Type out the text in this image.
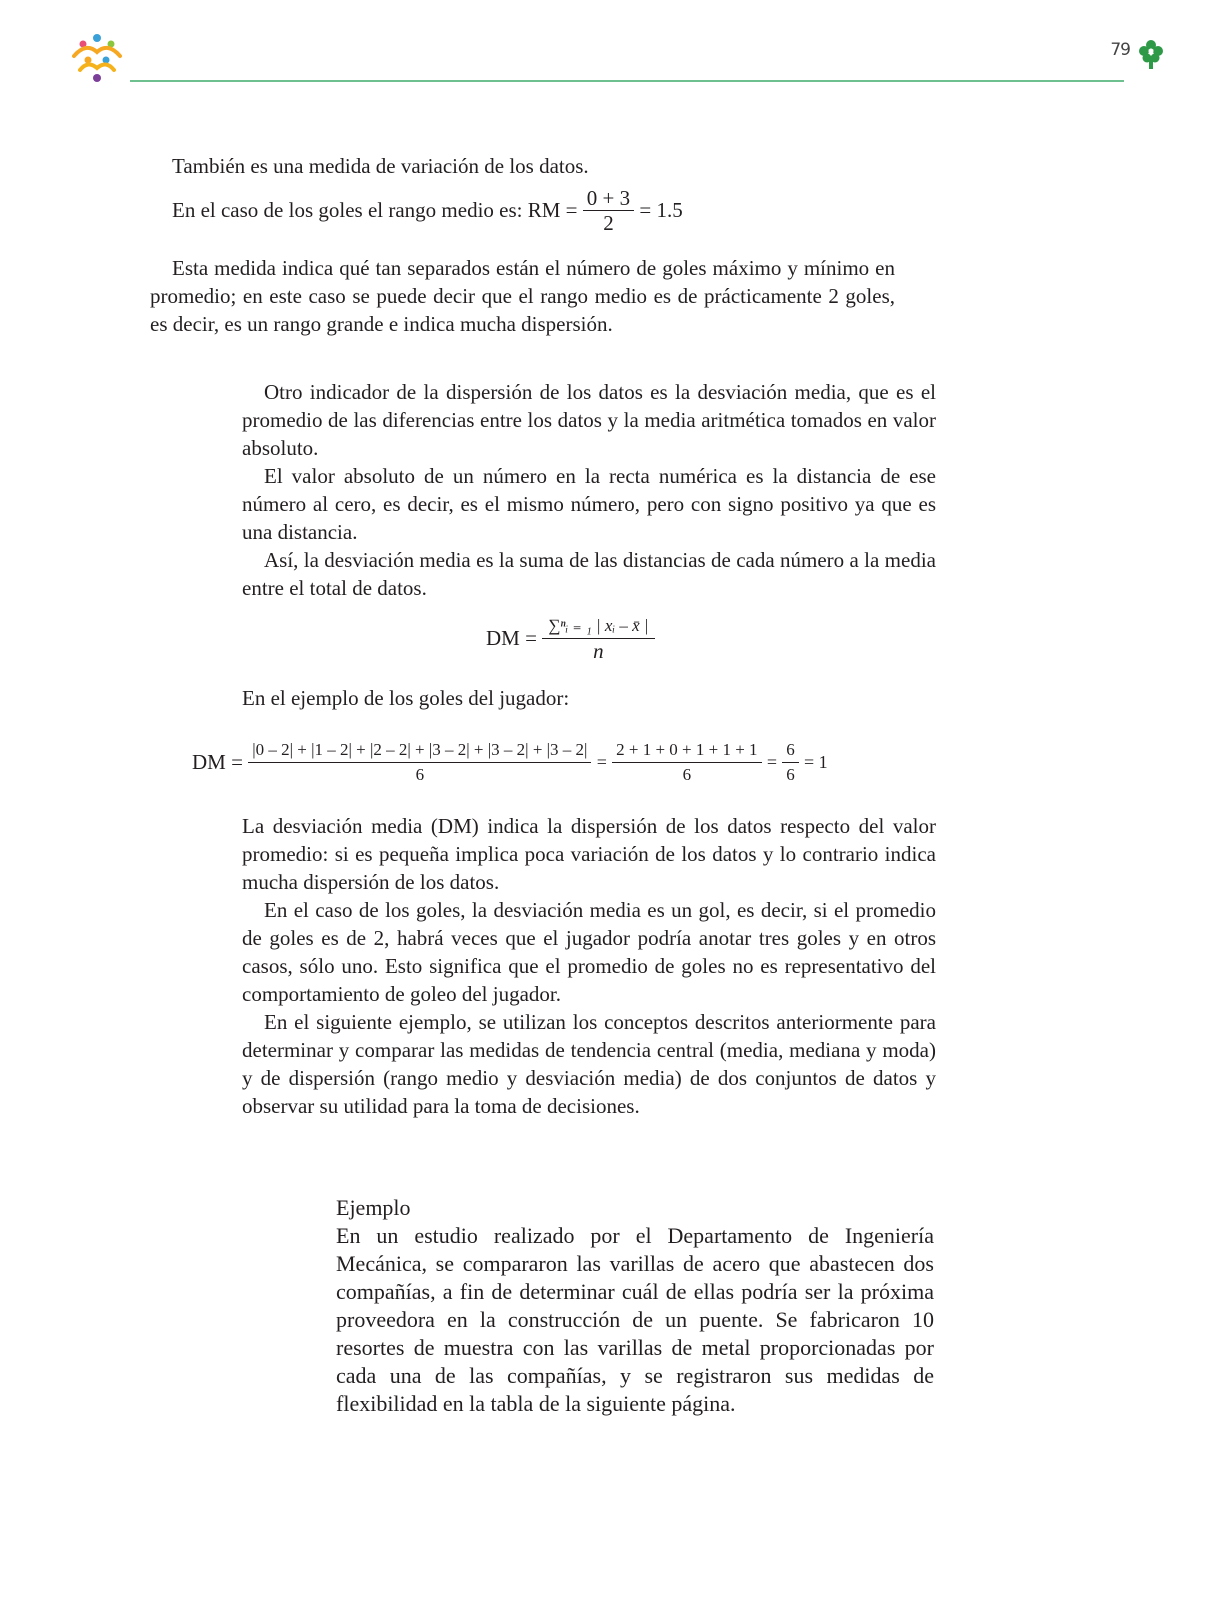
79
También es una medida de variación de los datos.
En el caso de los goles el rango medio es: RM = $\frac{0 + 3}{2} = 1.5$
Esta medida indica qué tan separados están el número de goles máximo y mínimo en promedio; en este caso se puede decir que el rango medio es de prácticamente 2 goles, es decir, es un rango grande e indica mucha dispersión.
Otro indicador de la dispersión de los datos es la desviación media, que es el promedio de las diferencias entre los datos y la media aritmética tomados en valor absoluto.
El valor absoluto de un número en la recta numérica es la distancia de ese número al cero, es decir, es el mismo número, pero con signo positivo ya que es una distancia.
Así, la desviación media es la suma de las distancias de cada número a la media entre el total de datos.
DM = $\frac{\text{∑ⁿᵢ ₌ ₁ | xᵢ – x̄ |}}{n}$
En el ejemplo de los goles del jugador:
DM = $\frac{|0 - 2| + |1 - 2| + |2 - 2| + |3 - 2| + |3 - 2| + |3 - 2|}{6} = \frac{2 + 1 + 0 + 1 + 1 + 1}{6} = \frac{6}{6} = 1$
La desviación media (DM) indica la dispersión de los datos respecto del valor promedio: si es pequeña implica poca variación de los datos y lo contrario indica mucha dispersión de los datos.
En el caso de los goles, la desviación media es un gol, es decir, si el promedio de goles es de 2, habrá veces que el jugador podría anotar tres goles y en otros casos, sólo uno. Esto significa que el promedio de goles no es representativo del comportamiento de goleo del jugador.
En el siguiente ejemplo, se utilizan los conceptos descritos anteriormente para determinar y comparar las medidas de tendencia central (media, mediana y moda) y de dispersión (rango medio y desviación media) de dos conjuntos de datos y observar su utilidad para la toma de decisiones.
Ejemplo
En un estudio realizado por el Departamento de Ingeniería Mecánica, se compararon las varillas de acero que abastecen dos compañías, a fin de determinar cuál de ellas podría ser la próxima proveedora en la construcción de un puente. Se fabricaron 10 resortes de muestra con las varillas de metal proporcionadas por cada una de las compañías, y se registraron sus medidas de flexibilidad en la tabla de la siguiente página.
